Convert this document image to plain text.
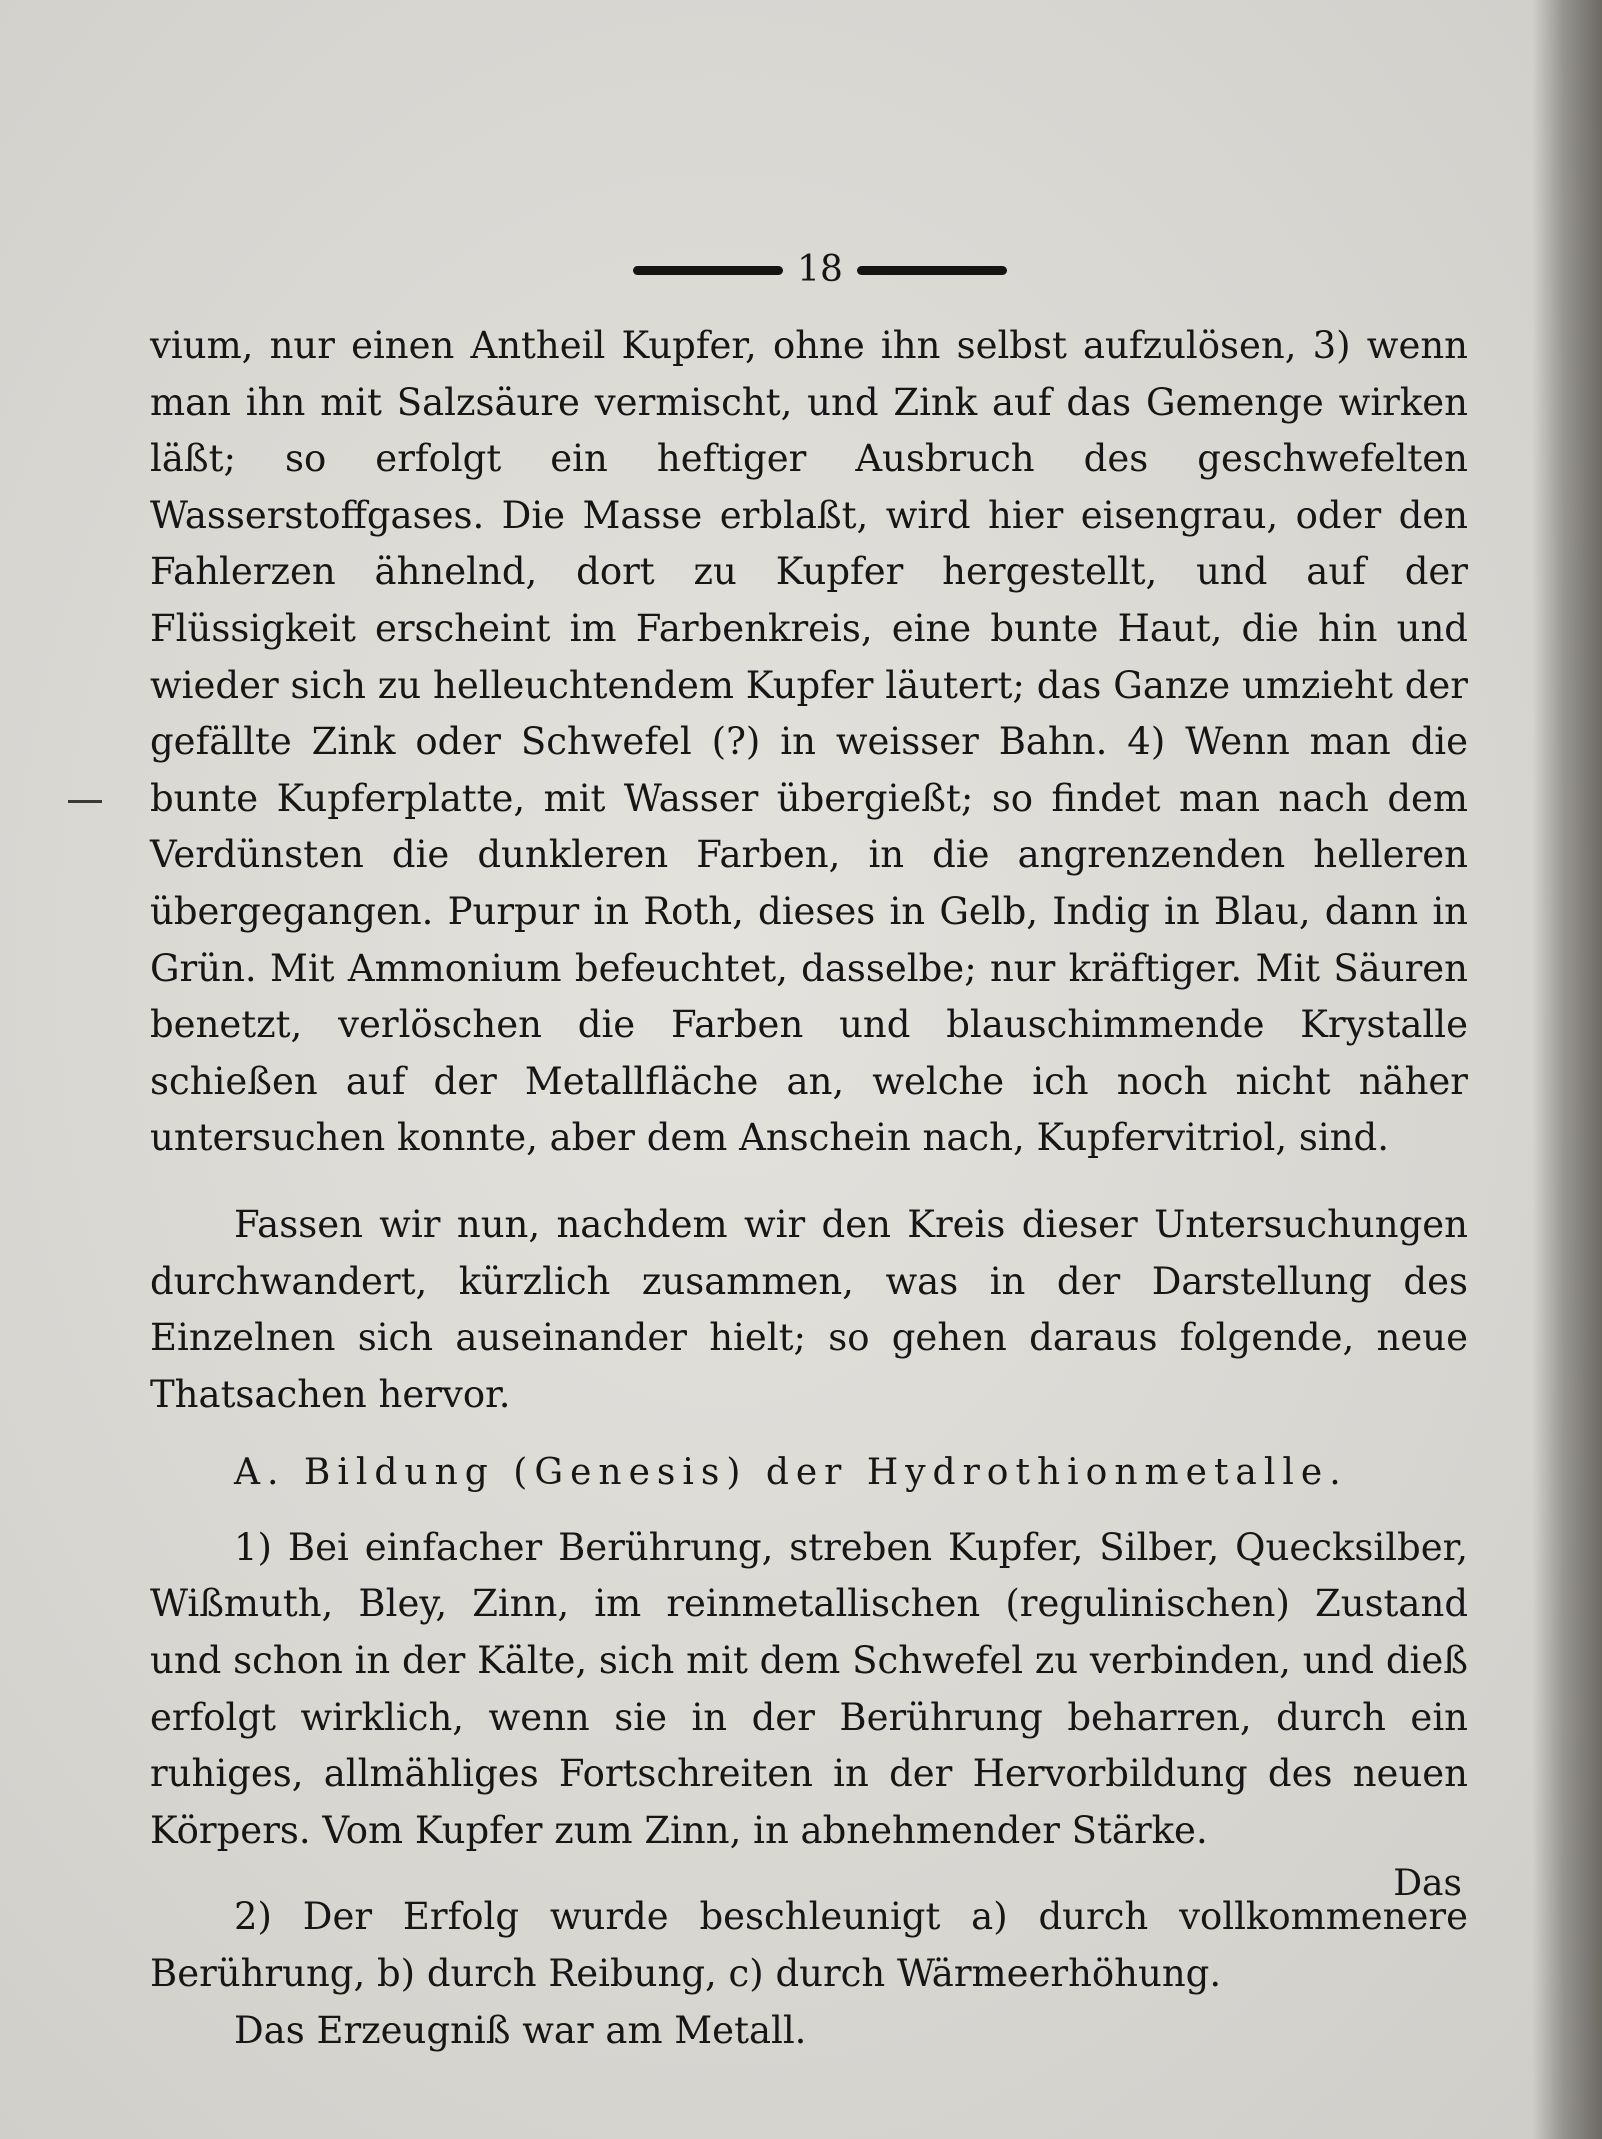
18

vium, nur einen Antheil Kupfer, ohne ihn selbst aufzulösen, 3) wenn man ihn mit Salzsäure vermischt, und Zink auf das Gemenge wirken läßt; so erfolgt ein heftiger Ausbruch des geschwefelten Wasserstoffgases. Die Masse erblaßt, wird hier eisengrau, oder den Fahlerzen ähnelnd, dort zu Kupfer hergestellt, und auf der Flüssigkeit erscheint im Farbenkreis, eine bunte Haut, die hin und wieder sich zu helleuchtendem Kupfer läutert; das Ganze umzieht der gefällte Zink oder Schwefel (?) in weisser Bahn. 4) Wenn man die bunte Kupferplatte, mit Wasser übergießt; so findet man nach dem Verdünsten die dunkleren Farben, in die angrenzenden helleren übergegangen. Purpur in Roth, dieses in Gelb, Indig in Blau, dann in Grün. Mit Ammonium befeuchtet, dasselbe; nur kräftiger. Mit Säuren benetzt, verlöschen die Farben und blauschimmende Krystalle schießen auf der Metallfläche an, welche ich noch nicht näher untersuchen konnte, aber dem Anschein nach, Kupfervitriol, sind.

Fassen wir nun, nachdem wir den Kreis dieser Untersuchungen durchwandert, kürzlich zusammen, was in der Darstellung des Einzelnen sich auseinander hielt; so gehen daraus folgende, neue Thatsachen hervor.

A. Bildung (Genesis) der Hydrothionmetalle.

1) Bei einfacher Berührung, streben Kupfer, Silber, Quecksilber, Wißmuth, Bley, Zinn, im reinmetallischen (regulinischen) Zustand und schon in der Kälte, sich mit dem Schwefel zu verbinden, und dieß erfolgt wirklich, wenn sie in der Berührung beharren, durch ein ruhiges, allmähliges Fortschreiten in der Hervorbildung des neuen Körpers. Vom Kupfer zum Zinn, in abnehmender Stärke.

2) Der Erfolg wurde beschleunigt a) durch vollkommenere Berührung, b) durch Reibung, c) durch Wärmeerhöhung.

Das Erzeugniß war am Metall.

Das
